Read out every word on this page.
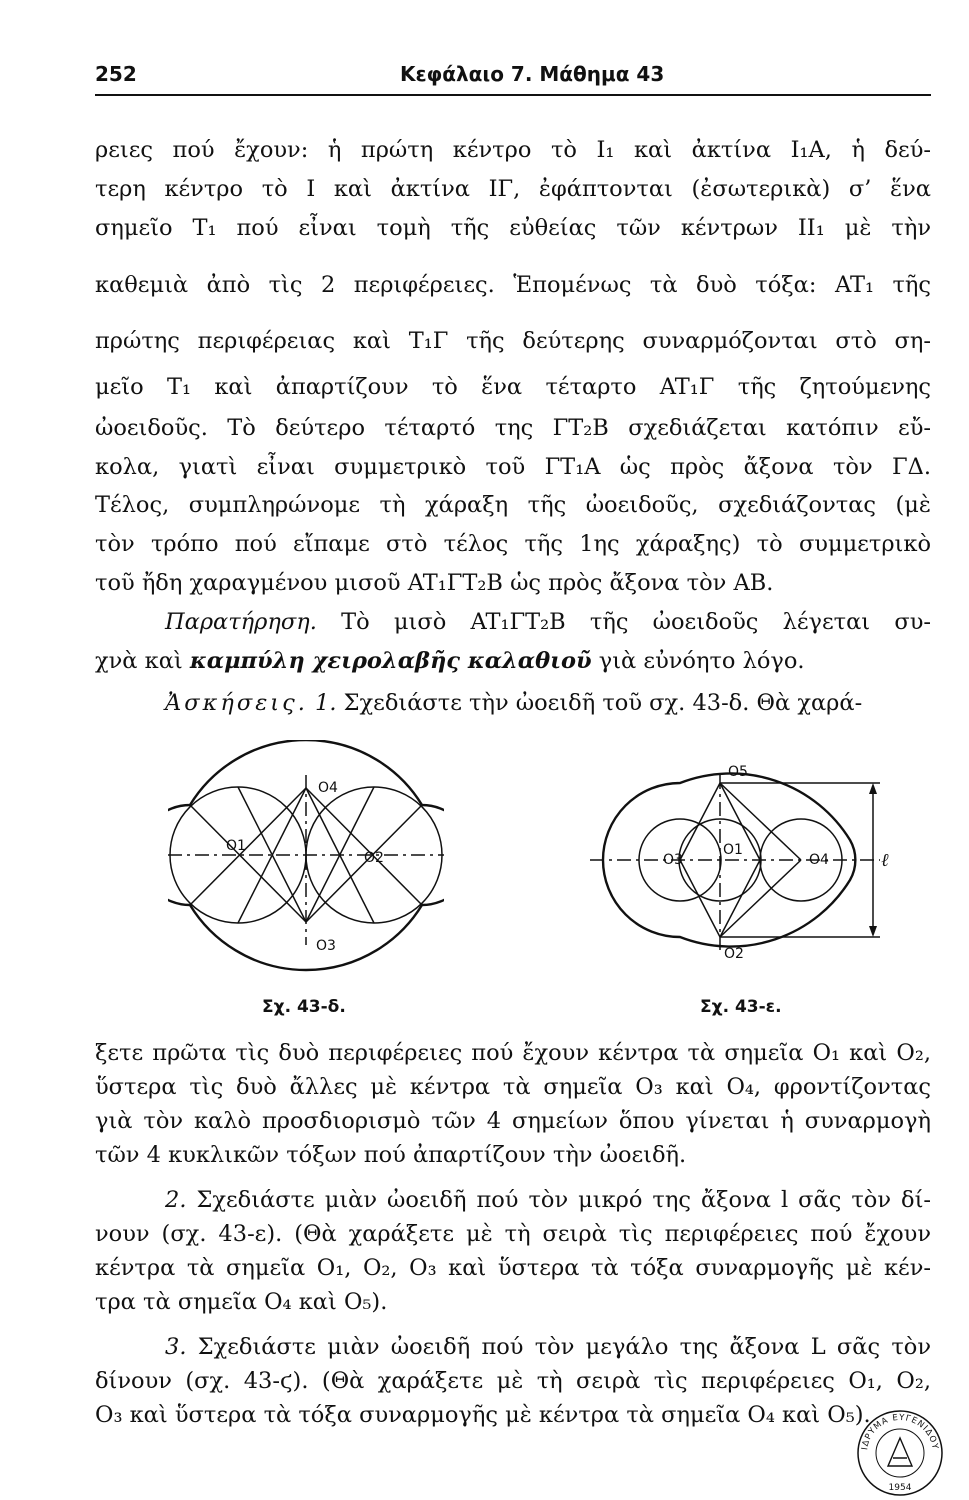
252	Κεφάλαιο 7. Μάθημα 43
ρειες πού ἔχουν: ἡ πρώτη κέντρο τὸ I₁ καὶ ἀκτίνα I₁A, ἡ δεύ-
τερη κέντρο τὸ I καὶ ἀκτίνα IΓ, ἐφάπτονται (ἐσωτερικὰ) σ’ ἕνα
σημεῖο T₁ πού εἶναι τομὴ τῆς εὐθείας τῶν κέντρων II₁ μὲ τὴν
καθεμιὰ ἀπὸ τὶς 2 περιφέρειες. Ἑπομένως τὰ δυὸ τόξα: AT₁ τῆς
πρώτης περιφέρειας καὶ T₁Γ τῆς δεύτερης συναρμόζονται στὸ ση-
μεῖο T₁ καὶ ἀπαρτίζουν τὸ ἕνα τέταρτο AT₁Γ τῆς ζητούμενης
ὠοειδοῦς. Τὸ δεύτερο τέταρτό της ΓT₂B σχεδιάζεται κατόπιν εὔ-
κολα, γιατὶ εἶναι συμμετρικὸ τοῦ ΓT₁A ὡς πρὸς ἄξονα τὸν ΓΔ.
Τέλος, συμπληρώνομε τὴ χάραξη τῆς ὠοειδοῦς, σχεδιάζοντας (μὲ
τὸν τρόπο πού εἴπαμε στὸ τέλος τῆς 1ης χάραξης) τὸ συμμετρικὸ
τοῦ ἤδη χαραγμένου μισοῦ AT₁ΓT₂B ὡς πρὸς ἄξονα τὸν AB.
Παρατήρηση. Τὸ μισὸ AT₁ΓT₂B τῆς ὠοειδοῦς λέγεται συ-
χνὰ καὶ καμπύλη χειρολαβῆς καλαθιοῦ γιὰ εὐνόητο λόγο.
Ἀσκήσεις. 1. Σχεδιάστε τὴν ὠοειδῆ τοῦ σχ. 43-δ. Θὰ χαρά-
O1
O2
O3
O4
O5
O3
O1
O4
O2
ℓ
Σχ. 43-δ.	Σχ. 43-ε.
ξετε πρῶτα τὶς δυὸ περιφέρειες πού ἔχουν κέντρα τὰ σημεῖα O₁ καὶ O₂,
ὕστερα τὶς δυὸ ἄλλες μὲ κέντρα τὰ σημεῖα O₃ καὶ O₄, φροντίζοντας
γιὰ τὸν καλὸ προσδιορισμὸ τῶν 4 σημείων ὅπου γίνεται ἡ συναρμογὴ
τῶν 4 κυκλικῶν τόξων πού ἀπαρτίζουν τὴν ὠοειδῆ.
2. Σχεδιάστε μιὰν ὠοειδῆ πού τὸν μικρό της ἄξονα l σᾶς τὸν δί-
νουν (σχ. 43-ε). (Θὰ χαράξετε μὲ τὴ σειρὰ τὶς περιφέρειες πού ἔχουν
κέντρα τὰ σημεῖα O₁, O₂, O₃ καὶ ὕστερα τὰ τόξα συναρμογῆς μὲ κέν-
τρα τὰ σημεῖα O₄ καὶ O₅).
3. Σχεδιάστε μιὰν ὠοειδῆ πού τὸν μεγάλο της ἄξονα L σᾶς τὸν
δίνουν (σχ. 43-ϛ). (Θὰ χαράξετε μὲ τὴ σειρὰ τὶς περιφέρειες O₁, O₂,
O₃ καὶ ὕστερα τὰ τόξα συναρμογῆς μὲ κέντρα τὰ σημεῖα O₄ καὶ O₅).
ΙΔΡΥΜΑ ΕΥΓΕΝΙΔΟΥ
1954
